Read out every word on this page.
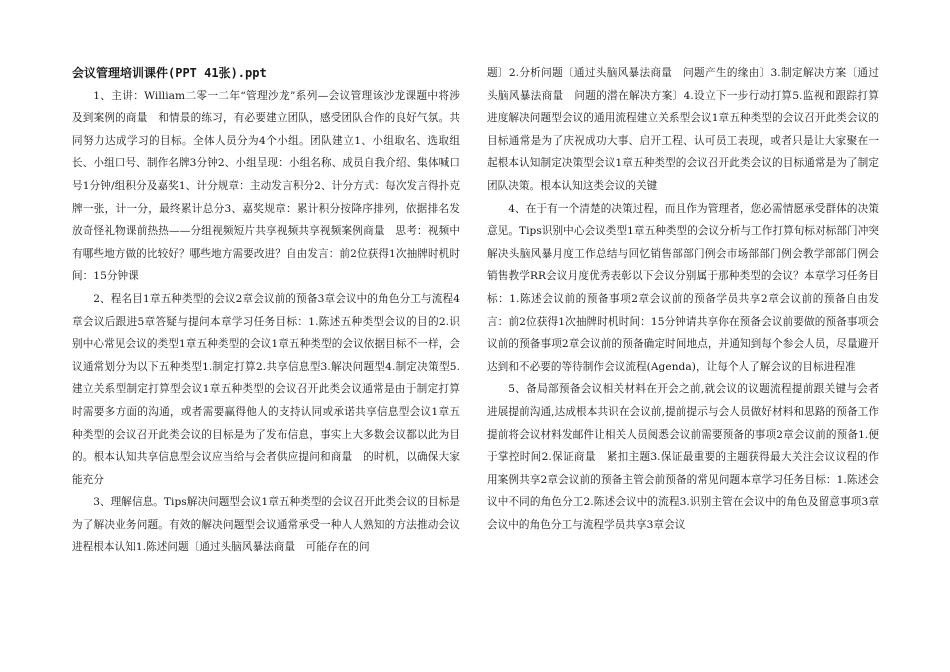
会议管理培训课件(PPT 41张).ppt

1、主讲：William二零一二年“管理沙龙”系列—会议管理该沙龙课题中将涉及到案例的商量　和情景的练习，有必要建立团队，感受团队合作的良好气氛。共同努力达成学习的目标。全体人员分为4个小组。团队建立1、小组取名、选取组长、小组口号、制作名牌3分钟2、小组呈现：小组名称、成员自我介绍、集体喊口号1分钟/组积分及嘉奖1、计分规章：主动发言积分2、计分方式：每次发言得扑克牌一张，计一分，最终累计总分3、嘉奖规章：累计积分按降序排列，依据排名发放奇怪礼物课前热热——分组视频短片共享视频共享视频案例商量　思考：视频中有哪些地方做的比较好？哪些地方需要改进？自由发言：前2位获得1次抽牌时机时间：15分钟课

2、程名目1章五种类型的会议2章会议前的预备3章会议中的角色分工与流程4章会议后跟进5章答疑与提问本章学习任务目标：1.陈述五种类型会议的目的2.识别中心常见会议的类型1章五种类型的会议1章五种类型的会议依据目标不一样，会议通常划分为以下五种类型1.制定打算2.共享信息型3.解决问题型4.制定决策型5.建立关系型制定打算型会议1章五种类型的会议召开此类会议通常是由于制定打算时需要多方面的沟通，或者需要赢得他人的支持认同或承诺共享信息型会议1章五种类型的会议召开此类会议的目标是为了发布信息，事实上大多数会议都以此为目的。根本认知共享信息型会议应当给与会者供应提问和商量　的时机，以确保大家能充分

3、理解信息。Tips解决问题型会议1章五种类型的会议召开此类会议的目标是为了解决业务问题。有效的解决问题型会议通常承受一种人人熟知的方法推动会议进程根本认知1.陈述问题〔通过头脑风暴法商量　可能存在的问

题〕2.分析问题〔通过头脑风暴法商量　问题产生的缘由〕3.制定解决方案〔通过头脑风暴法商量　问题的潜在解决方案〕4.设立下一步行动打算5.监视和跟踪打算进度解决问题型会议的通用流程建立关系型会议1章五种类型的会议召开此类会议的目标通常是为了庆祝成功大事、启开工程、认可员工表现，或者只是让大家聚在一起根本认知制定决策型会议1章五种类型的会议召开此类会议的目标通常是为了制定团队决策。根本认知这类会议的关键

4、在于有一个清楚的决策过程，而且作为管理者，您必需情愿承受群体的决策意见。Tips识别中心会议类型1章五种类型的会议分析与工作打算旬标对标部门冲突解决头脑风暴月度工作总结与回忆销售部部门例会市场部部门例会教学部部门例会销售教学RR会议月度优秀表彰以下会议分别属于那种类型的会议？本章学习任务目标：1.陈述会议前的预备事项2章会议前的预备学员共享2章会议前的预备自由发言：前2位获得1次抽牌时机时间：15分钟请共享你在预备会议前要做的预备事项会议前的预备事项2章会议前的预备确定时间地点，并通知到每个参会人员，尽量避开达到和不必要的等待制作会议流程(Agenda)，让每个人了解会议的目标进程准

5、备局部预备会议相关材料在开会之前,就会议的议题流程提前跟关键与会者进展提前沟通,达成根本共识在会议前,提前提示与会人员做好材料和思路的预备工作提前将会议材料发邮件让相关人员阅悉会议前需要预备的事项2章会议前的预备1.便于掌控时间2.保证商量　紧扣主题3.保证最重要的主题获得最大关注会议议程的作用案例共享2章会议前的预备主管会前预备的常见问题本章学习任务目标：1.陈述会议中不同的角色分工2.陈述会议中的流程3.识别主管在会议中的角色及留意事项3章会议中的角色分工与流程学员共享3章会议
